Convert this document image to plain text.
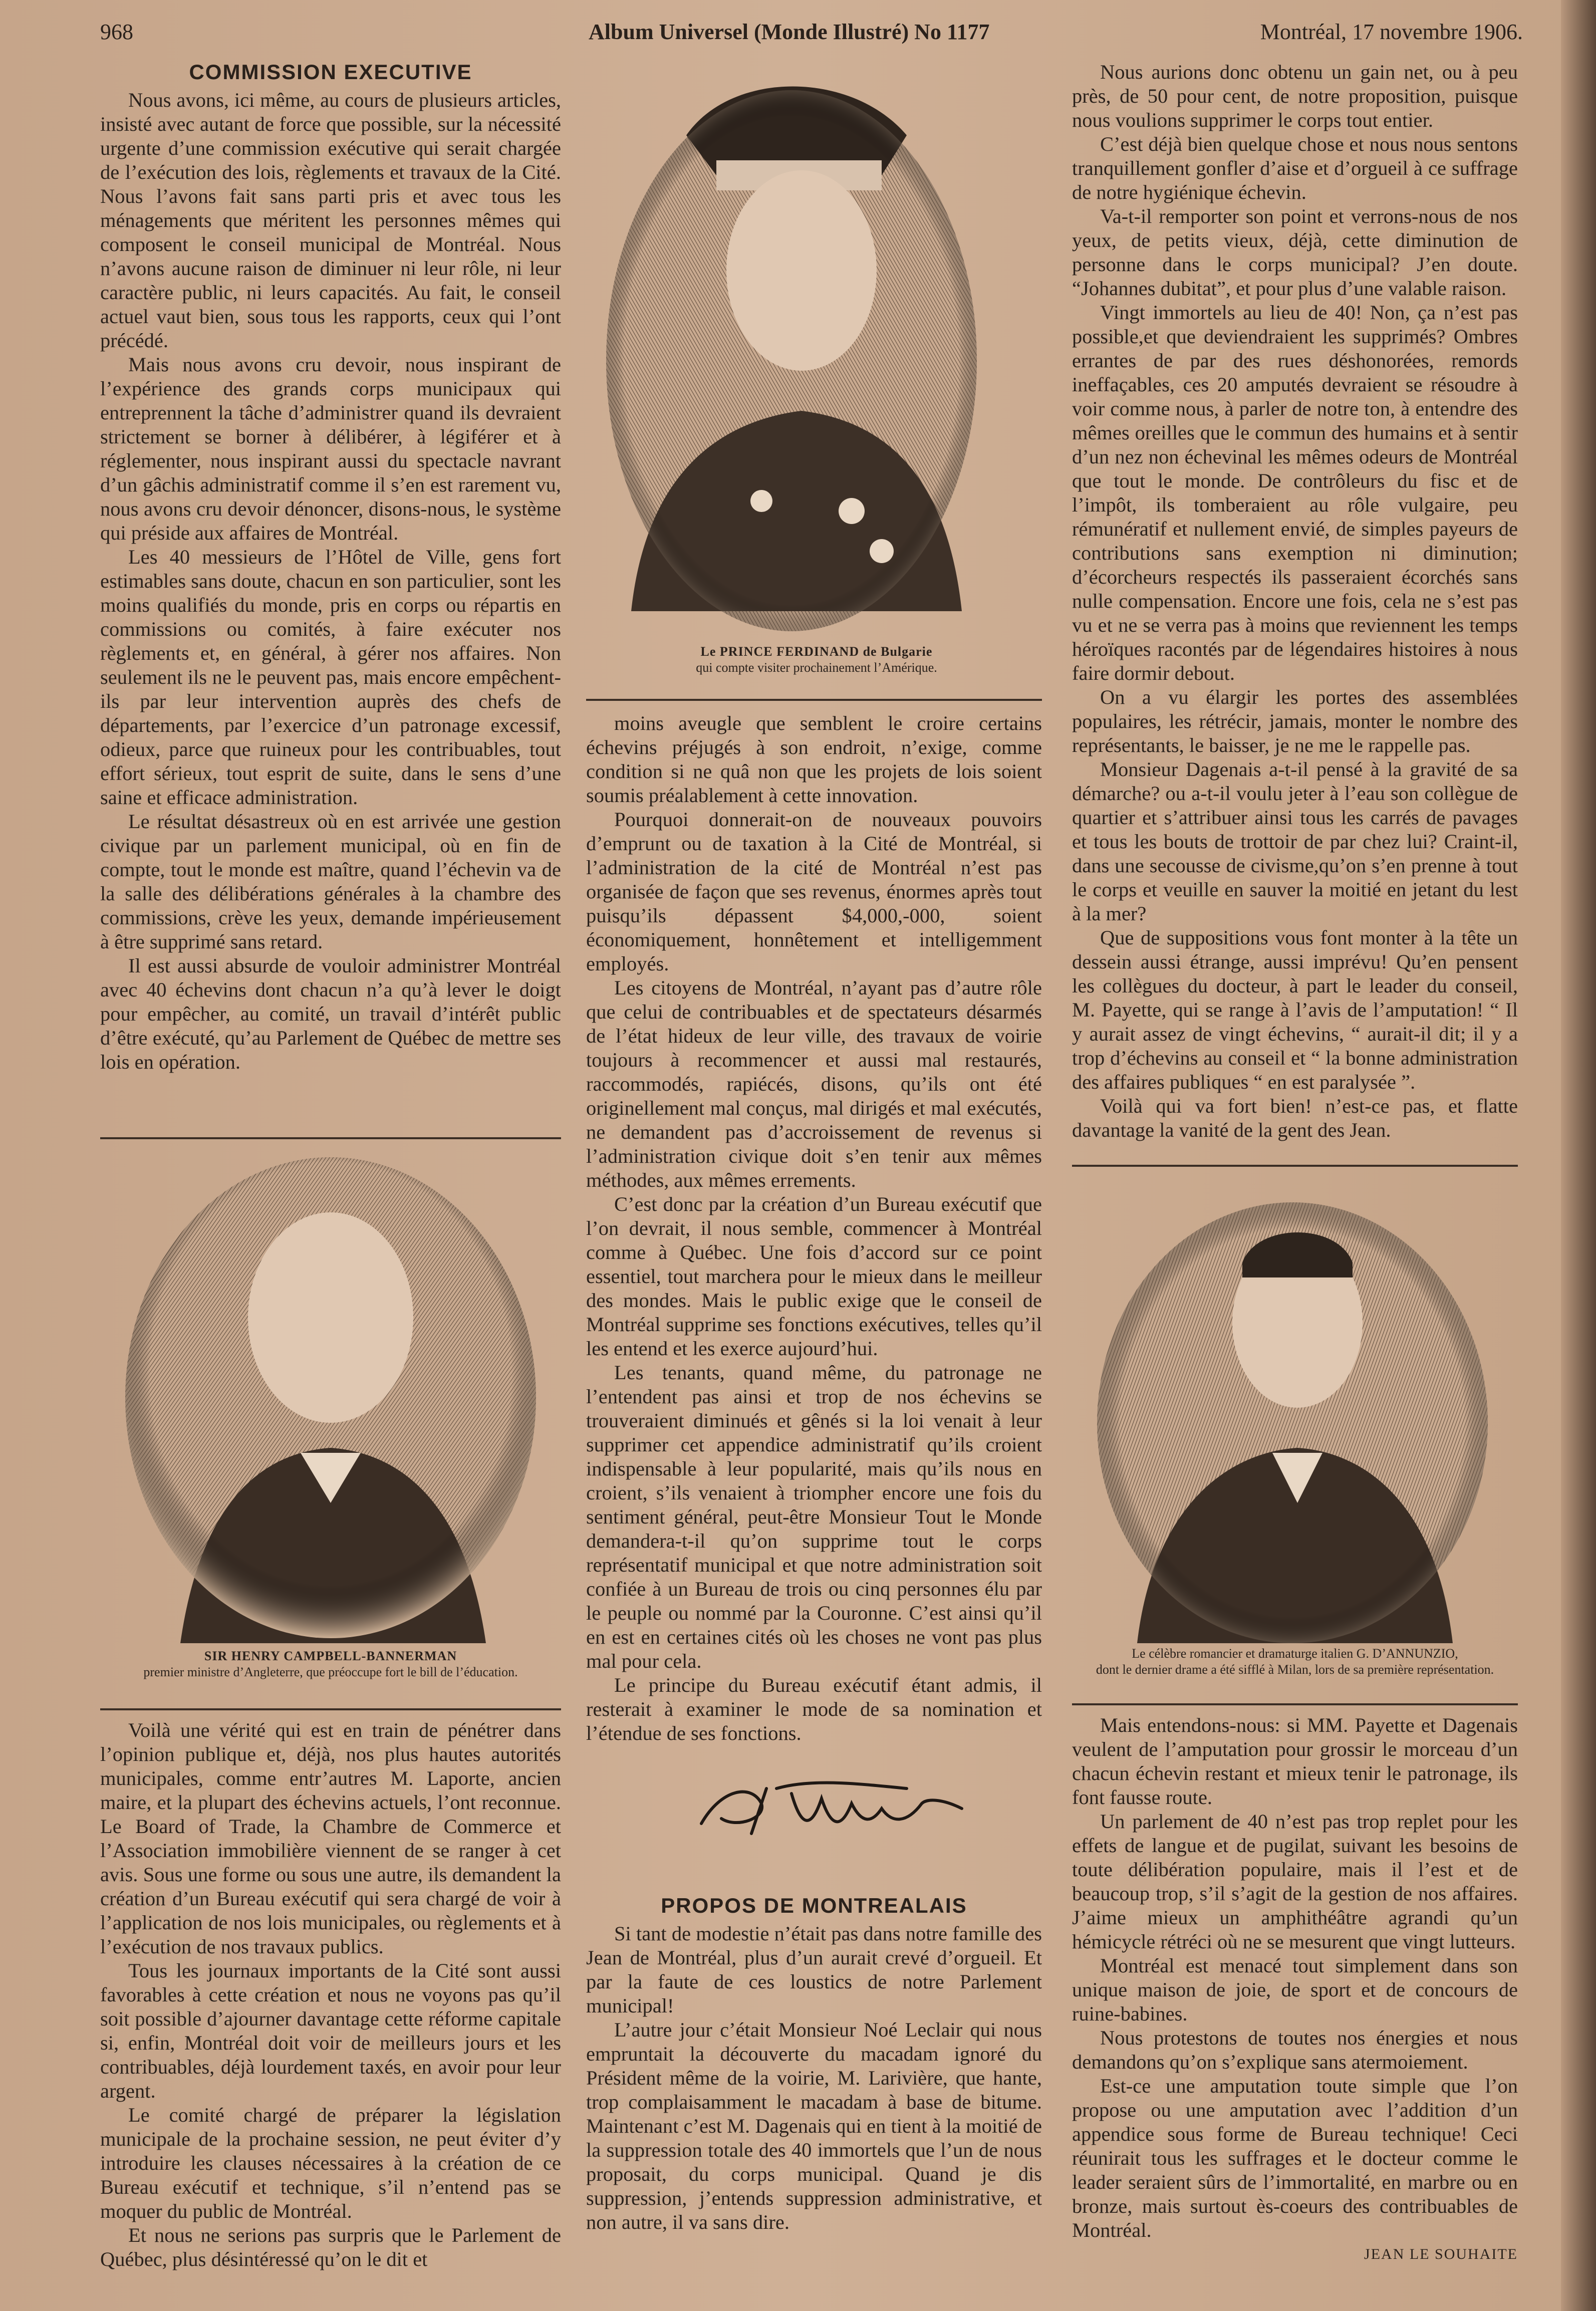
968	Album Universel (Monde Illustré) No 1177	Montréal, 17 novembre 1906.
COMMISSION EXECUTIVE

Nous avons, ici même, au cours de plusieurs articles, insisté avec autant de force que possible, sur la nécessité urgente d’une commission exécutive qui serait chargée de l’exécution des lois, règlements et travaux de la Cité. Nous l’avons fait sans parti pris et avec tous les ménagements que méritent les personnes mêmes qui composent le conseil municipal de Montréal. Nous n’avons aucune raison de diminuer ni leur rôle, ni leur caractère public, ni leurs capacités. Au fait, le conseil actuel vaut bien, sous tous les rapports, ceux qui l’ont précédé.

Mais nous avons cru devoir, nous inspirant de l’expérience des grands corps municipaux qui entreprennent la tâche d’administrer quand ils devraient strictement se borner à délibérer, à légiférer et à réglementer, nous inspirant aussi du spectacle navrant d’un gâchis administratif comme il s’en est rarement vu, nous avons cru devoir dénoncer, disons-nous, le système qui préside aux affaires de Montréal.

Les 40 messieurs de l’Hôtel de Ville, gens fort estimables sans doute, chacun en son particulier, sont les moins qualifiés du monde, pris en corps ou répartis en commissions ou comités, à faire exécuter nos règlements et, en général, à gérer nos affaires. Non seulement ils ne le peuvent pas, mais encore empêchent-ils par leur intervention auprès des chefs de départements, par l’exercice d’un patronage excessif, odieux, parce que ruineux pour les contribuables, tout effort sérieux, tout esprit de suite, dans le sens d’une saine et efficace administration.

Le résultat désastreux où en est arrivée une gestion civique par un parlement municipal, où en fin de compte, tout le monde est maître, quand l’échevin va de la salle des délibérations générales à la chambre des commissions, crève les yeux, demande impérieusement à être supprimé sans retard.

Il est aussi absurde de vouloir administrer Montréal avec 40 échevins dont chacun n’a qu’à lever le doigt pour empêcher, au comité, un travail d’intérêt public d’être exécuté, qu’au Parlement de Québec de mettre ses lois en opération.

SIR HENRY CAMPBELL-BANNERMAN
premier ministre d’Angleterre, que préoccupe fort le bill de l’éducation.

Voilà une vérité qui est en train de pénétrer dans l’opinion publique et, déjà, nos plus hautes autorités municipales, comme entr’autres M. Laporte, ancien maire, et la plupart des échevins actuels, l’ont reconnue. Le Board of Trade, la Chambre de Commerce et l’Association immobilière viennent de se ranger à cet avis. Sous une forme ou sous une autre, ils demandent la création d’un Bureau exécutif qui sera chargé de voir à l’application de nos lois municipales, ou règlements et à l’exécution de nos travaux publics.

Tous les journaux importants de la Cité sont aussi favorables à cette création et nous ne voyons pas qu’il soit possible d’ajourner davantage cette réforme capitale si, enfin, Montréal doit voir de meilleurs jours et les contribuables, déjà lourdement taxés, en avoir pour leur argent.

Le comité chargé de préparer la législation municipale de la prochaine session, ne peut éviter d’y introduire les clauses nécessaires à la création de ce Bureau exécutif et technique, s’il n’entend pas se moquer du public de Montréal.

Et nous ne serions pas surpris que le Parlement de Québec, plus désintéressé qu’on le dit et

Le PRINCE FERDINAND de Bulgarie
qui compte visiter prochainement l’Amérique.

moins aveugle que semblent le croire certains échevins préjugés à son endroit, n’exige, comme condition si ne quâ non que les projets de lois soient soumis préalablement à cette innovation.

Pourquoi donnerait-on de nouveaux pouvoirs d’emprunt ou de taxation à la Cité de Montréal, si l’administration de la cité de Montréal n’est pas organisée de façon que ses revenus, énormes après tout puisqu’ils dépassent $4,000,-000, soient économiquement, honnêtement et intelligemment employés.

Les citoyens de Montréal, n’ayant pas d’autre rôle que celui de contribuables et de spectateurs désarmés de l’état hideux de leur ville, des travaux de voirie toujours à recommencer et aussi mal restaurés, raccommodés, rapiécés, disons, qu’ils ont été originellement mal conçus, mal dirigés et mal exécutés, ne demandent pas d’accroissement de revenus si l’administration civique doit s’en tenir aux mêmes méthodes, aux mêmes errements.

C’est donc par la création d’un Bureau exécutif que l’on devrait, il nous semble, commencer à Montréal comme à Québec. Une fois d’accord sur ce point essentiel, tout marchera pour le mieux dans le meilleur des mondes. Mais le public exige que le conseil de Montréal supprime ses fonctions exécutives, telles qu’il les entend et les exerce aujourd’hui.

Les tenants, quand même, du patronage ne l’entendent pas ainsi et trop de nos échevins se trouveraient diminués et gênés si la loi venait à leur supprimer cet appendice administratif qu’ils croient indispensable à leur popularité, mais qu’ils nous en croient, s’ils venaient à triompher encore une fois du sentiment général, peut-être Monsieur Tout le Monde demandera-t-il qu’on supprime tout le corps représentatif municipal et que notre administration soit confiée à un Bureau de trois ou cinq personnes élu par le peuple ou nommé par la Couronne. C’est ainsi qu’il en est en certaines cités où les choses ne vont pas plus mal pour cela.

Le principe du Bureau exécutif étant admis, il resterait à examiner le mode de sa nomination et l’étendue de ses fonctions.

PROPOS DE MONTREALAIS

Si tant de modestie n’était pas dans notre famille des Jean de Montréal, plus d’un aurait crevé d’orgueil. Et par la faute de ces loustics de notre Parlement municipal!

L’autre jour c’était Monsieur Noé Leclair qui nous empruntait la découverte du macadam ignoré du Président même de la voirie, M. Larivière, que hante, trop complaisamment le macadam à base de bitume. Maintenant c’est M. Dagenais qui en tient à la moitié de la suppression totale des 40 immortels que l’un de nous proposait, du corps municipal. Quand je dis suppression, j’entends suppression administrative, et non autre, il va sans dire.

Nous aurions donc obtenu un gain net, ou à peu près, de 50 pour cent, de notre proposition, puisque nous voulions supprimer le corps tout entier.

C’est déjà bien quelque chose et nous nous sentons tranquillement gonfler d’aise et d’orgueil à ce suffrage de notre hygiénique échevin.

Va-t-il remporter son point et verrons-nous de nos yeux, de petits vieux, déjà, cette diminution de personne dans le corps municipal? J’en doute. “Johannes dubitat”, et pour plus d’une valable raison.

Vingt immortels au lieu de 40! Non, ça n’est pas possible,et que deviendraient les supprimés? Ombres errantes de par des rues déshonorées, remords ineffaçables, ces 20 amputés devraient se résoudre à voir comme nous, à parler de notre ton, à entendre des mêmes oreilles que le commun des humains et à sentir d’un nez non échevinal les mêmes odeurs de Montréal que tout le monde. De contrôleurs du fisc et de l’impôt, ils tomberaient au rôle vulgaire, peu rémunératif et nullement envié, de simples payeurs de contributions sans exemption ni diminution; d’écorcheurs respectés ils passeraient écorchés sans nulle compensation. Encore une fois, cela ne s’est pas vu et ne se verra pas à moins que reviennent les temps héroïques racontés par de légendaires histoires à nous faire dormir debout.

On a vu élargir les portes des assemblées populaires, les rétrécir, jamais, monter le nombre des représentants, le baisser, je ne me le rappelle pas.

Monsieur Dagenais a-t-il pensé à la gravité de sa démarche? ou a-t-il voulu jeter à l’eau son collègue de quartier et s’attribuer ainsi tous les carrés de pavages et tous les bouts de trottoir de par chez lui? Craint-il, dans une secousse de civisme,qu’on s’en prenne à tout le corps et veuille en sauver la moitié en jetant du lest à la mer?

Que de suppositions vous font monter à la tête un dessein aussi étrange, aussi imprévu! Qu’en pensent les collègues du docteur, à part le leader du conseil, M. Payette, qui se range à l’avis de l’amputation! “ Il y aurait assez de vingt échevins, “ aurait-il dit; il y a trop d’échevins au conseil et “ la bonne administration des affaires publiques “ en est paralysée ”.

Voilà qui va fort bien! n’est-ce pas, et flatte davantage la vanité de la gent des Jean.

Le célèbre romancier et dramaturge italien G. D’ANNUNZIO,
dont le dernier drame a été sifflé à Milan, lors de sa première représentation.

Mais entendons-nous: si MM. Payette et Dagenais veulent de l’amputation pour grossir le morceau d’un chacun échevin restant et mieux tenir le patronage, ils font fausse route.

Un parlement de 40 n’est pas trop replet pour les effets de langue et de pugilat, suivant les besoins de toute délibération populaire, mais il l’est et de beaucoup trop, s’il s’agit de la gestion de nos affaires. J’aime mieux un amphithéâtre agrandi qu’un hémicycle rétréci où ne se mesurent que vingt lutteurs.

Montréal est menacé tout simplement dans son unique maison de joie, de sport et de concours de ruine-babines.

Nous protestons de toutes nos énergies et nous demandons qu’on s’explique sans atermoiement.

Est-ce une amputation toute simple que l’on propose ou une amputation avec l’addition d’un appendice sous forme de Bureau technique! Ceci réunirait tous les suffrages et le docteur comme le leader seraient sûrs de l’immortalité, en marbre ou en bronze, mais surtout ès-coeurs des contribuables de Montréal.

JEAN LE SOUHAITE
